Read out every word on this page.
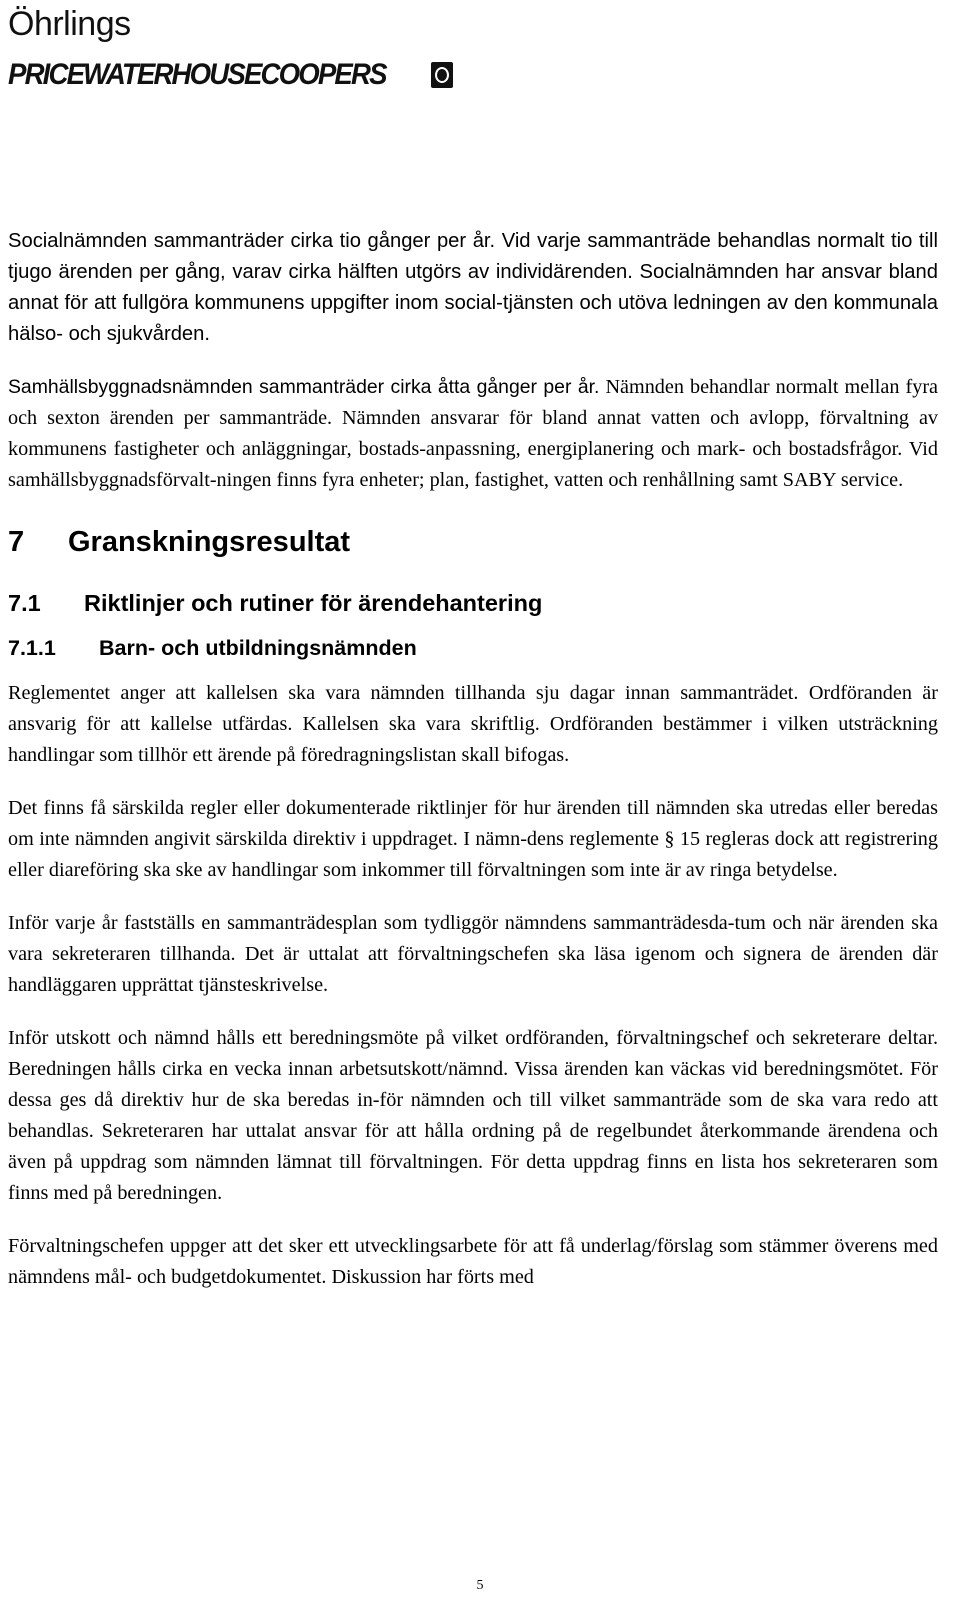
Öhrlings
PRICEWATERHOUSECOOPERS

Socialnämnden sammanträder cirka tio gånger per år. Vid varje sammanträde behandlas normalt tio till tjugo ärenden per gång, varav cirka hälften utgörs av individärenden. Socialnämnden har ansvar bland annat för att fullgöra kommunens uppgifter inom social-tjänsten och utöva ledningen av den kommunala hälso- och sjukvården.

Samhällsbyggnadsnämnden sammanträder cirka åtta gånger per år. Nämnden behandlar normalt mellan fyra och sexton ärenden per sammanträde. Nämnden ansvarar för bland annat vatten och avlopp, förvaltning av kommunens fastigheter och anläggningar, bostads-anpassning, energiplanering och mark- och bostadsfrågor. Vid samhällsbyggnadsförvalt-ningen finns fyra enheter; plan, fastighet, vatten och renhållning samt SABY service.

7	Granskningsresultat
7.1	Riktlinjer och rutiner för ärendehantering
7.1.1	Barn- och utbildningsnämnden

Reglementet anger att kallelsen ska vara nämnden tillhanda sju dagar innan sammanträdet. Ordföranden är ansvarig för att kallelse utfärdas. Kallelsen ska vara skriftlig. Ordföranden bestämmer i vilken utsträckning handlingar som tillhör ett ärende på föredragningslistan skall bifogas.

Det finns få särskilda regler eller dokumenterade riktlinjer för hur ärenden till nämnden ska utredas eller beredas om inte nämnden angivit särskilda direktiv i uppdraget. I nämn-dens reglemente § 15 regleras dock att registrering eller diareföring ska ske av handlingar som inkommer till förvaltningen som inte är av ringa betydelse.

Inför varje år fastställs en sammanträdesplan som tydliggör nämndens sammanträdesda-tum och när ärenden ska vara sekreteraren tillhanda. Det är uttalat att förvaltningschefen ska läsa igenom och signera de ärenden där handläggaren upprättat tjänsteskrivelse.

Inför utskott och nämnd hålls ett beredningsmöte på vilket ordföranden, förvaltningschef och sekreterare deltar. Beredningen hålls cirka en vecka innan arbetsutskott/nämnd. Vissa ärenden kan väckas vid beredningsmötet. För dessa ges då direktiv hur de ska beredas in-för nämnden och till vilket sammanträde som de ska vara redo att behandlas. Sekreteraren har uttalat ansvar för att hålla ordning på de regelbundet återkommande ärendena och även på uppdrag som nämnden lämnat till förvaltningen. För detta uppdrag finns en lista hos sekreteraren som finns med på beredningen.

Förvaltningschefen uppger att det sker ett utvecklingsarbete för att få underlag/förslag som stämmer överens med nämndens mål- och budgetdokumentet. Diskussion har förts med

5
